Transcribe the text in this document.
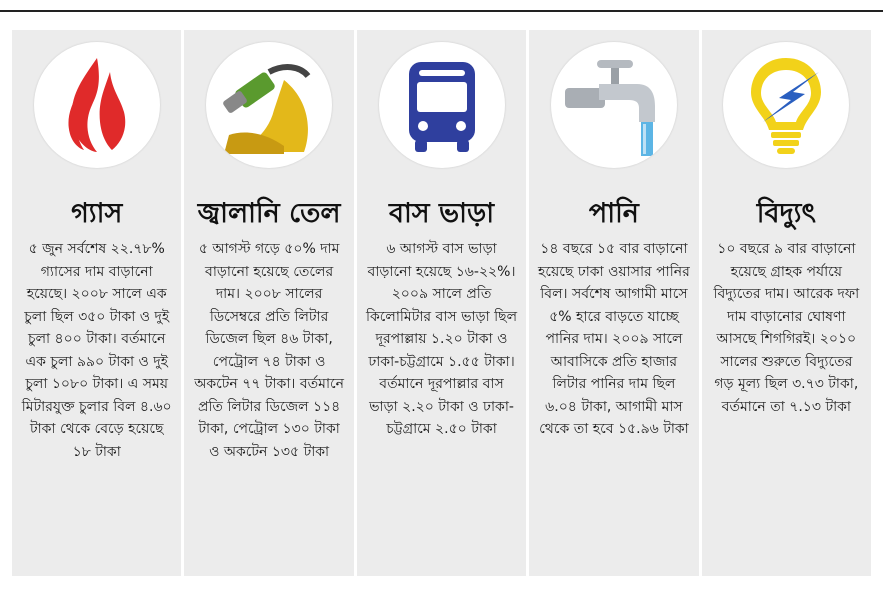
গ্যাস
৫ জুন সর্বশেষ ২২.৭৮% গ্যাসের দাম বাড়ানো হয়েছে। ২০০৮ সালে এক চুলা ছিল ৩৫০ টাকা ও দুই চুলা ৪০০ টাকা। বর্তমানে এক চুলা ৯৯০ টাকা ও দুই চুলা ১০৮০ টাকা। এ সময় মিটারযুক্ত চুলার বিল ৪.৬০ টাকা থেকে বেড়ে হয়েছে ১৮ টাকা
জ্বালানি তেল
৫ আগস্ট গড়ে ৫০% দাম বাড়ানো হয়েছে তেলের দাম। ২০০৮ সালের ডিসেম্বরে প্রতি লিটার ডিজেল ছিল ৪৬ টাকা, পেট্রোল ৭৪ টাকা ও অকটেন ৭৭ টাকা। বর্তমানে প্রতি লিটার ডিজেল ১১৪ টাকা, পেট্রোল ১৩০ টাকা ও অকটেন ১৩৫ টাকা
বাস ভাড়া
৬ আগস্ট বাস ভাড়া বাড়ানো হয়েছে ১৬-২২%। ২০০৯ সালে প্রতি কিলোমিটার বাস ভাড়া ছিল দূরপাল্লায় ১.২০ টাকা ও ঢাকা-চট্টগ্রামে ১.৫৫ টাকা। বর্তমানে দূরপাল্লার বাস ভাড়া ২.২০ টাকা ও ঢাকা-চট্টগ্রামে ২.৫০ টাকা
পানি
১৪ বছরে ১৫ বার বাড়ানো হয়েছে ঢাকা ওয়াসার পানির বিল। সর্বশেষ আগামী মাসে ৫% হারে বাড়তে যাচ্ছে পানির দাম। ২০০৯ সালে আবাসিকে প্রতি হাজার লিটার পানির দাম ছিল ৬.০৪ টাকা, আগামী মাস থেকে তা হবে ১৫.৯৬ টাকা
বিদ্যুৎ
১০ বছরে ৯ বার বাড়ানো হয়েছে গ্রাহক পর্যায়ে বিদ্যুতের দাম। আরেক দফা দাম বাড়ানোর ঘোষণা আসছে শিগগিরই। ২০১০ সালের শুরুতে বিদ্যুতের গড় মূল্য ছিল ৩.৭৩ টাকা, বর্তমানে তা ৭.১৩ টাকা
